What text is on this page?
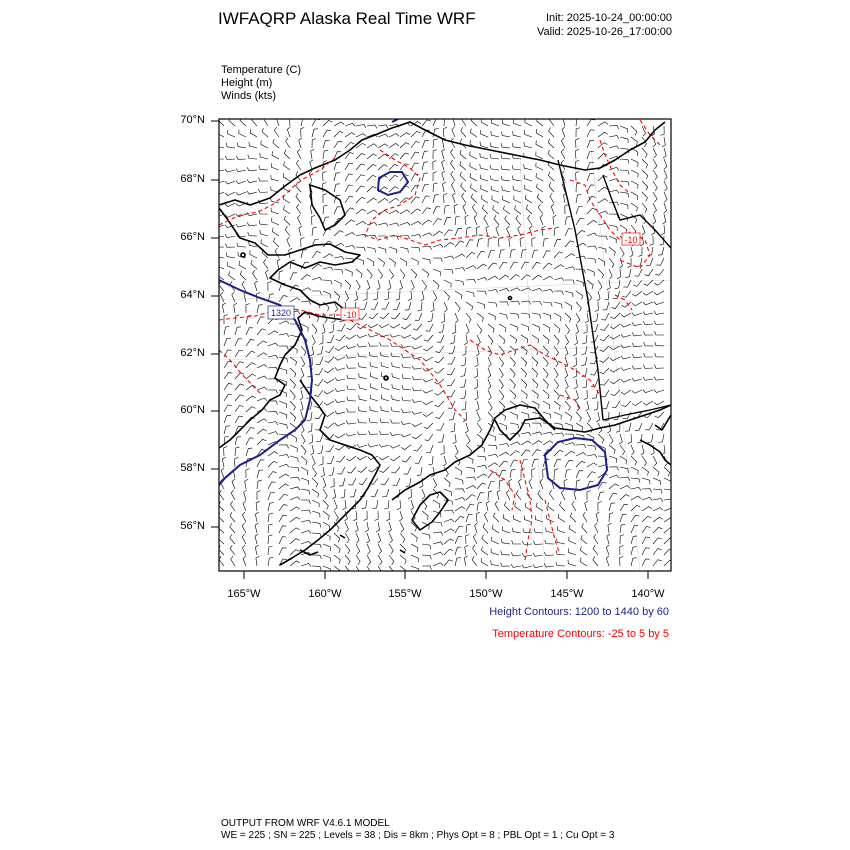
IWFAQRP Alaska Real Time WRF	Init: 2025-10-24_00:00:00
Valid: 2025-10-26_17:00:00
Temperature (C)
Height (m)
Winds (kts)
1320	-10
-10
70°N
68°N
66°N
64°N
62°N
60°N
58°N
56°N
165°W	160°W	155°W	150°W	145°W	140°W
Height Contours: 1200 to 1440 by 60
Temperature Contours: -25 to 5 by 5
OUTPUT FROM WRF V4.6.1 MODEL
WE = 225 ; SN = 225 ; Levels = 38 ; Dis = 8km ; Phys Opt = 8 ; PBL Opt = 1 ; Cu Opt = 3
